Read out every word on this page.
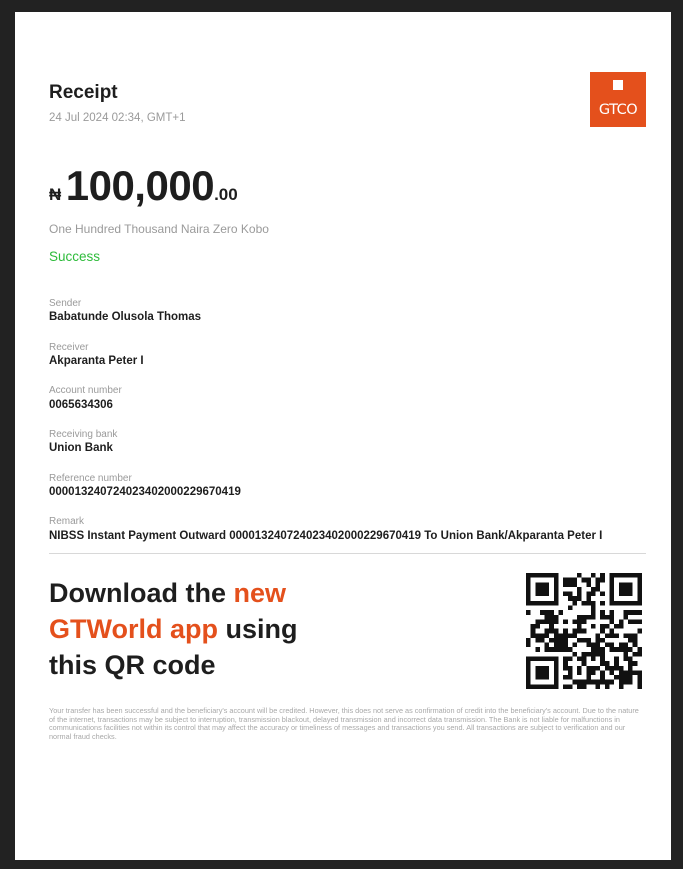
Receipt
24 Jul 2024 02:34, GMT+1	GTCO
₦ 100,000.00
One Hundred Thousand Naira Zero Kobo
Success
Sender
Babatunde Olusola Thomas
Receiver
Akparanta Peter I
Account number
0065634306
Receiving bank
Union Bank
Reference number
000013240724023402000229670419
Remark
NIBSS Instant Payment Outward 000013240724023402000229670419 To Union Bank/Akparanta Peter I
Download the new
GTWorld app using
this QR code
Your transfer has been successful and the beneficiary's account will be credited. However, this does not serve as confirmation of credit into the beneficiary's account. Due to the nature of the internet, transactions may be subject to interruption, transmission blackout, delayed transmission and incorrect data transmission. The Bank is not liable for malfunctions in communications facilities not within its control that may affect the accuracy or timeliness of messages and transactions you send. All transactions are subject to verification and our normal fraud checks.
